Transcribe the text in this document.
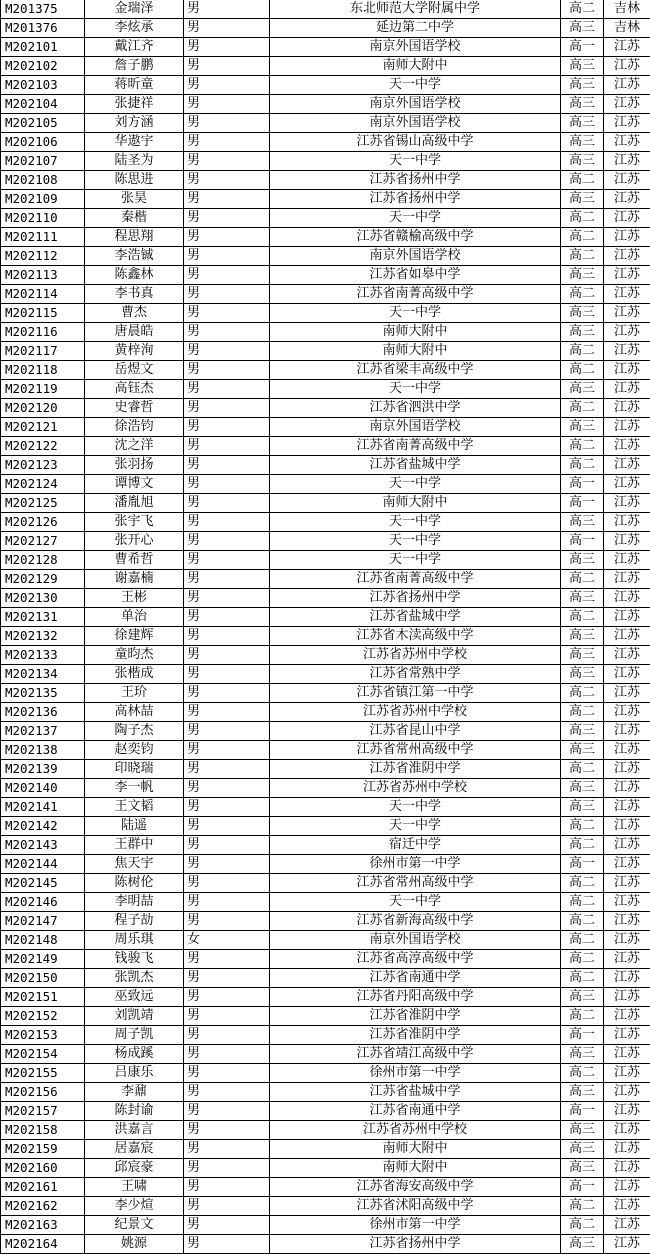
M201375	金瑞泽	男	东北师范大学附属中学	高二	吉林
M201376	李炫承	男	延边第二中学	高三	吉林
M202101	戴江齐	男	南京外国语学校	高一	江苏
M202102	詹子鹏	男	南师大附中	高三	江苏
M202103	蒋昕童	男	天一中学	高三	江苏
M202104	张捷祥	男	南京外国语学校	高三	江苏
M202105	刘方涵	男	南京外国语学校	高三	江苏
M202106	华遨宇	男	江苏省锡山高级中学	高三	江苏
M202107	陆圣为	男	天一中学	高三	江苏
M202108	陈思进	男	江苏省扬州中学	高二	江苏
M202109	张昊	男	江苏省扬州中学	高三	江苏
M202110	秦楷	男	天一中学	高二	江苏
M202111	程思翔	男	江苏省赣榆高级中学	高二	江苏
M202112	李浩铖	男	南京外国语学校	高二	江苏
M202113	陈鑫林	男	江苏省如皋中学	高三	江苏
M202114	李书真	男	江苏省南菁高级中学	高二	江苏
M202115	曹杰	男	天一中学	高三	江苏
M202116	唐晨皓	男	南师大附中	高三	江苏
M202117	黄梓洵	男	南师大附中	高二	江苏
M202118	岳煜文	男	江苏省梁丰高级中学	高二	江苏
M202119	高钰杰	男	天一中学	高三	江苏
M202120	史睿哲	男	江苏省泗洪中学	高二	江苏
M202121	徐浩钧	男	南京外国语学校	高三	江苏
M202122	沈之洋	男	江苏省南菁高级中学	高二	江苏
M202123	张羽扬	男	江苏省盐城中学	高二	江苏
M202124	谭博文	男	天一中学	高一	江苏
M202125	潘胤旭	男	南师大附中	高一	江苏
M202126	张宇飞	男	天一中学	高三	江苏
M202127	张开心	男	天一中学	高一	江苏
M202128	曹希哲	男	天一中学	高三	江苏
M202129	谢嘉楠	男	江苏省南菁高级中学	高二	江苏
M202130	王彬	男	江苏省扬州中学	高三	江苏
M202131	单治	男	江苏省盐城中学	高二	江苏
M202132	徐建辉	男	江苏省木渎高级中学	高三	江苏
M202133	童昀杰	男	江苏省苏州中学校	高三	江苏
M202134	张楷成	男	江苏省常熟中学	高三	江苏
M202135	王玠	男	江苏省镇江第一中学	高二	江苏
M202136	高林喆	男	江苏省苏州中学校	高二	江苏
M202137	陶子杰	男	江苏省昆山中学	高三	江苏
M202138	赵奕钧	男	江苏省常州高级中学	高三	江苏
M202139	印晓瑞	男	江苏省淮阴中学	高二	江苏
M202140	李一帆	男	江苏省苏州中学校	高三	江苏
M202141	王文韬	男	天一中学	高三	江苏
M202142	陆遥	男	天一中学	高二	江苏
M202143	王群中	男	宿迁中学	高二	江苏
M202144	焦天宇	男	徐州市第一中学	高一	江苏
M202145	陈树伦	男	江苏省常州高级中学	高二	江苏
M202146	李明喆	男	天一中学	高二	江苏
M202147	程子劼	男	江苏省新海高级中学	高二	江苏
M202148	周乐琪	女	南京外国语学校	高二	江苏
M202149	钱骏飞	男	江苏省高淳高级中学	高二	江苏
M202150	张凯杰	男	江苏省南通中学	高二	江苏
M202151	巫致远	男	江苏省丹阳高级中学	高三	江苏
M202152	刘凯靖	男	江苏省淮阴中学	高二	江苏
M202153	周子凯	男	江苏省淮阴中学	高一	江苏
M202154	杨成蹊	男	江苏省靖江高级中学	高三	江苏
M202155	吕康乐	男	徐州市第一中学	高二	江苏
M202156	李鼐	男	江苏省盐城中学	高三	江苏
M202157	陈封谕	男	江苏省南通中学	高一	江苏
M202158	洪嘉言	男	江苏省苏州中学校	高三	江苏
M202159	居嘉宸	男	南师大附中	高三	江苏
M202160	邱宸豪	男	南师大附中	高三	江苏
M202161	王啸	男	江苏省海安高级中学	高一	江苏
M202162	李少煊	男	江苏省沭阳高级中学	高二	江苏
M202163	纪景文	男	徐州市第一中学	高二	江苏
M202164	姚源	男	江苏省扬州中学	高三	江苏
